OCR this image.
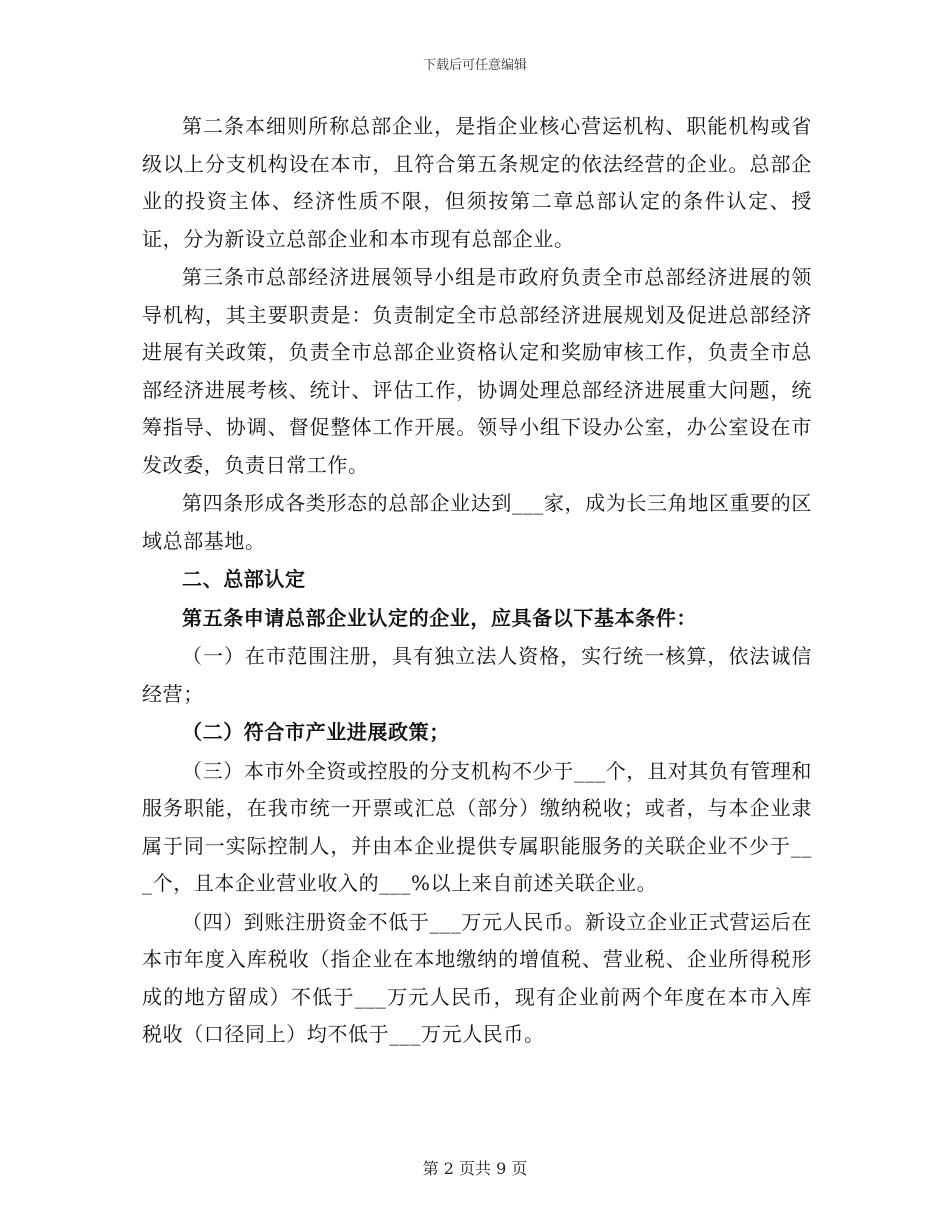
下载后可任意编辑

第二条本细则所称总部企业，是指企业核心营运机构、职能机构或省级以上分支机构设在本市，且符合第五条规定的依法经营的企业。总部企业的投资主体、经济性质不限，但须按第二章总部认定的条件认定、授证，分为新设立总部企业和本市现有总部企业。

第三条市总部经济进展领导小组是市政府负责全市总部经济进展的领导机构，其主要职责是：负责制定全市总部经济进展规划及促进总部经济进展有关政策，负责全市总部企业资格认定和奖励审核工作，负责全市总部经济进展考核、统计、评估工作，协调处理总部经济进展重大问题，统筹指导、协调、督促整体工作开展。领导小组下设办公室，办公室设在市发改委，负责日常工作。

第四条形成各类形态的总部企业达到___家，成为长三角地区重要的区域总部基地。

二、总部认定

第五条申请总部企业认定的企业，应具备以下基本条件：

（一）在市范围注册，具有独立法人资格，实行统一核算，依法诚信经营；

（二）符合市产业进展政策；

（三）本市外全资或控股的分支机构不少于___个，且对其负有管理和服务职能，在我市统一开票或汇总（部分）缴纳税收；或者，与本企业隶属于同一实际控制人，并由本企业提供专属职能服务的关联企业不少于___个，且本企业营业收入的___%以上来自前述关联企业。

（四）到账注册资金不低于___万元人民币。新设立企业正式营运后在本市年度入库税收（指企业在本地缴纳的增值税、营业税、企业所得税形成的地方留成）不低于___万元人民币，现有企业前两个年度在本市入库税收（口径同上）均不低于___万元人民币。

第 2 页共 9 页
